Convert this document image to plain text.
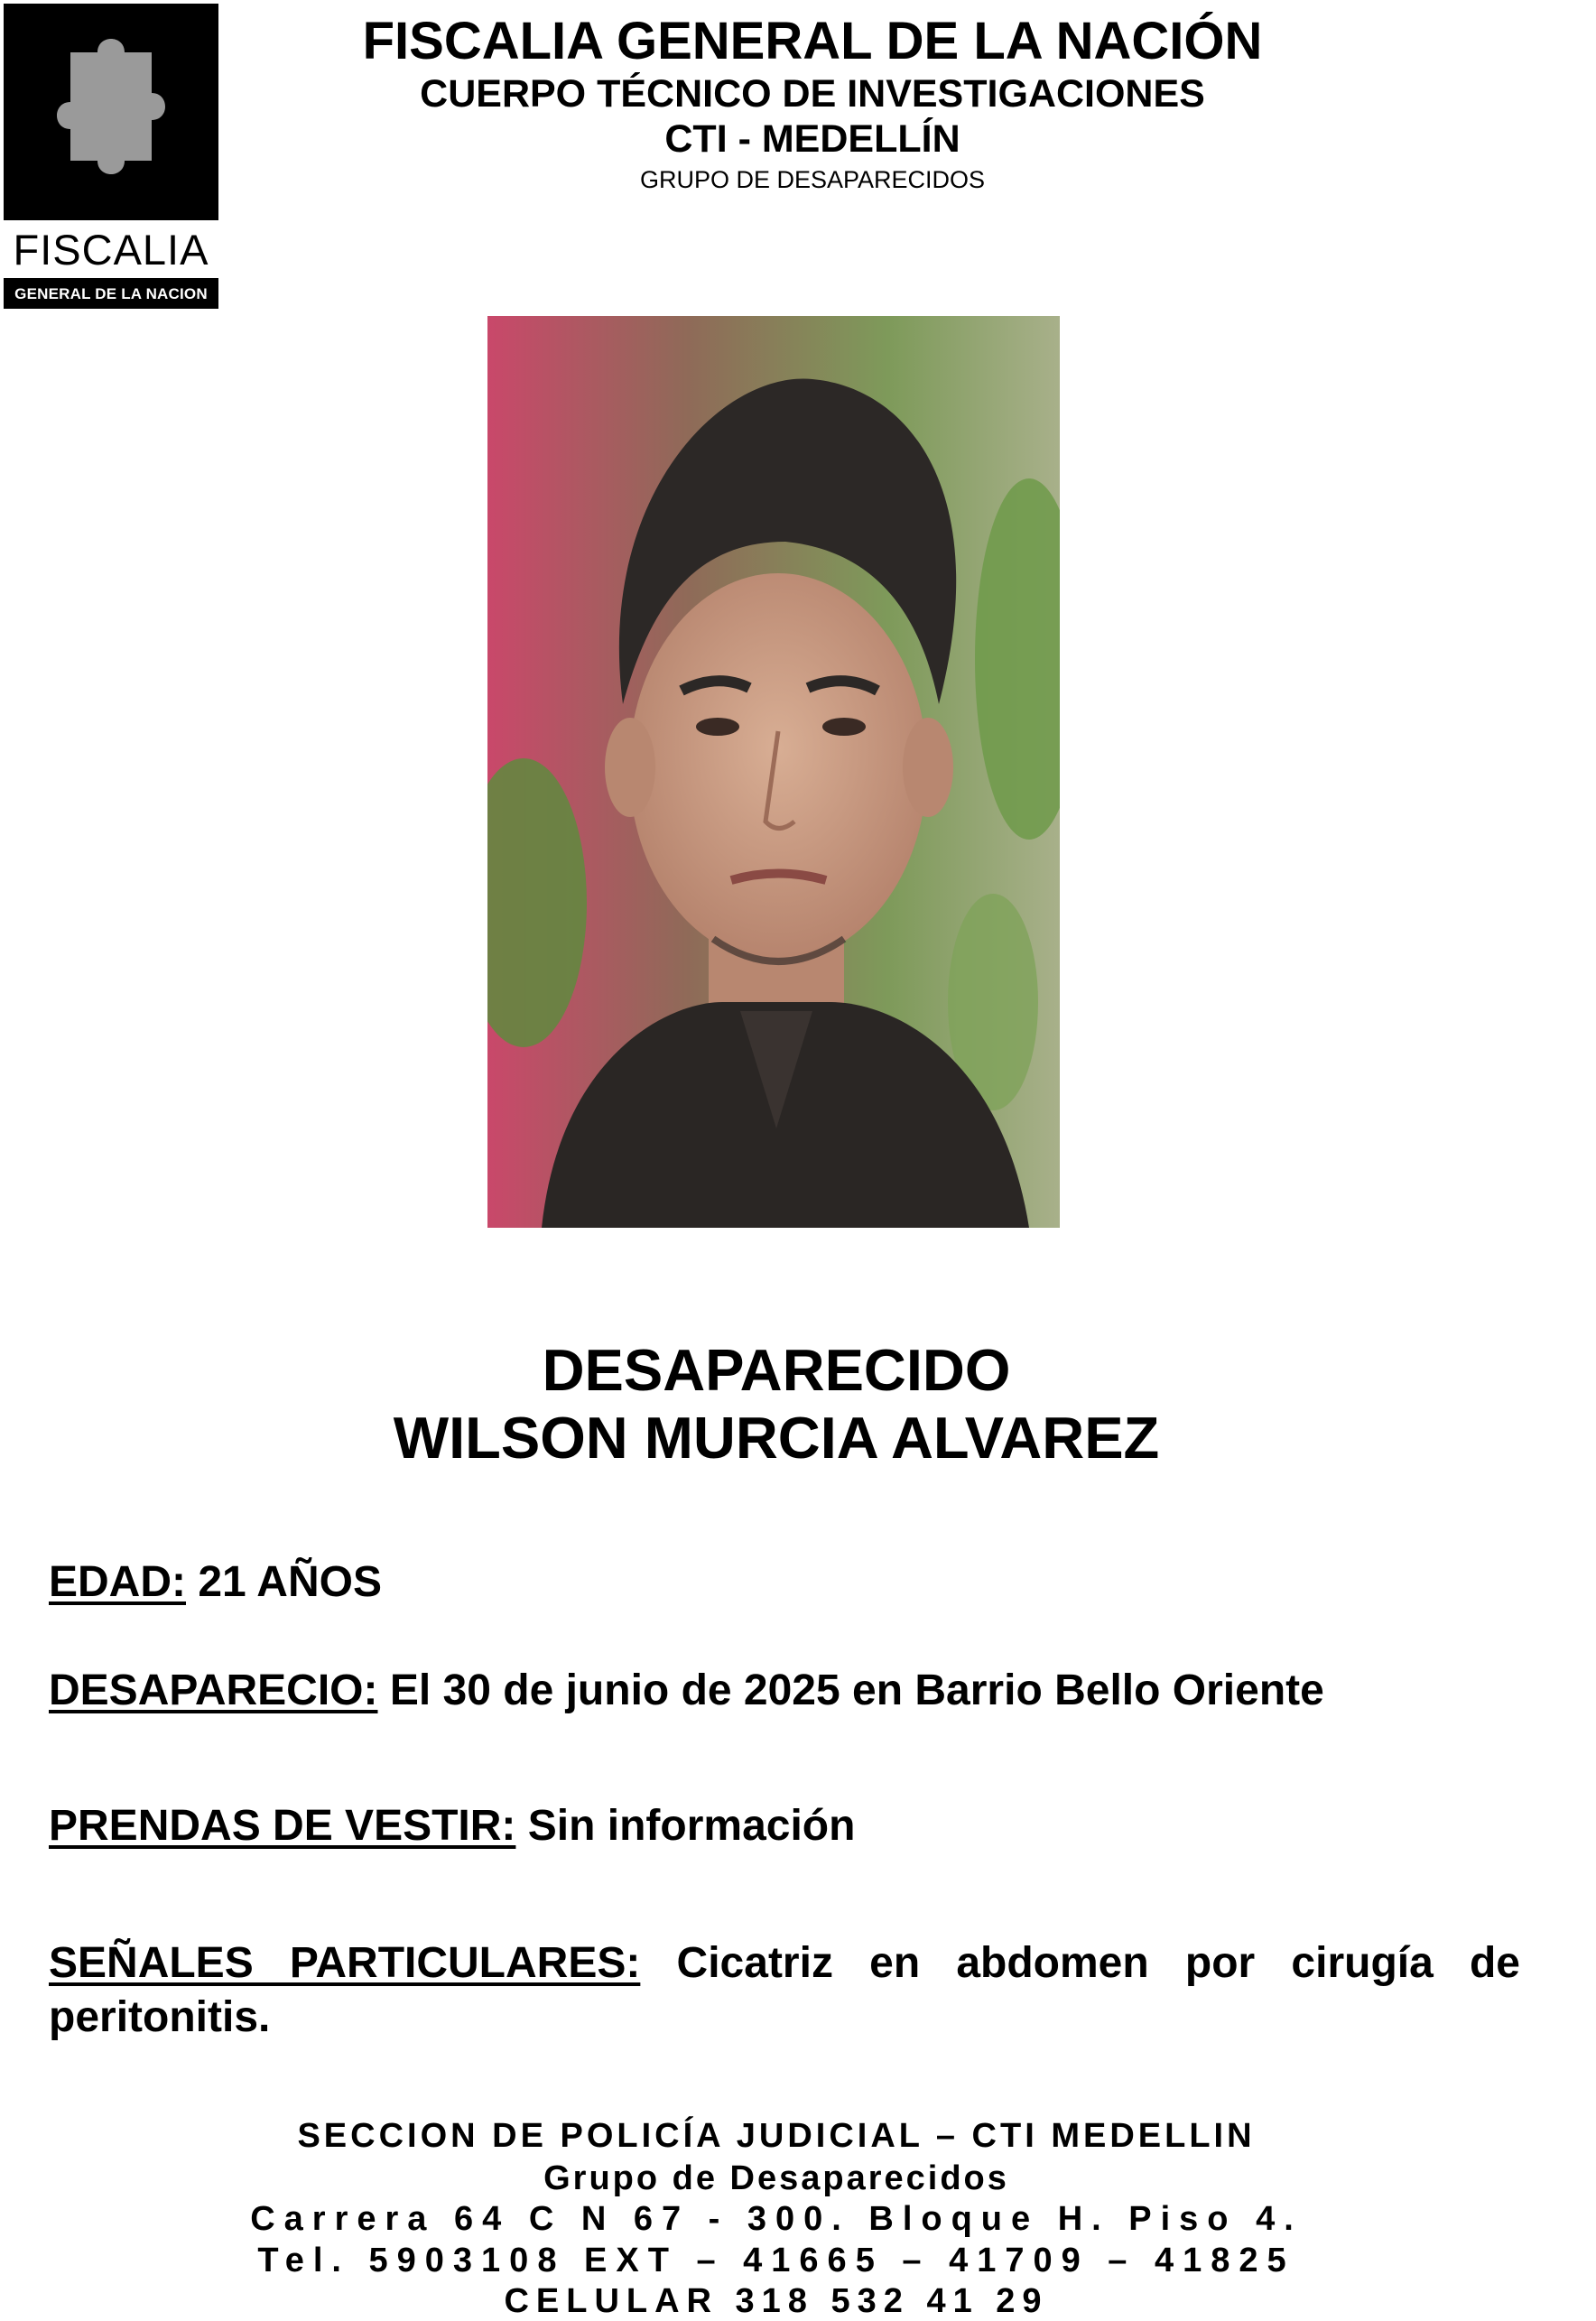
FISCALIA
GENERAL DE LA NACION
FISCALIA GENERAL DE LA NACIÓN
CUERPO TÉCNICO DE INVESTIGACIONES
CTI - MEDELLÍN
GRUPO DE DESAPARECIDOS
DESAPARECIDO
WILSON MURCIA ALVAREZ
EDAD: 21 AÑOS
DESAPARECIO: El 30 de junio de 2025 en Barrio Bello Oriente
PRENDAS DE VESTIR: Sin información
SEÑALES PARTICULARES: Cicatriz en abdomen por cirugía de
peritonitis.
SECCION DE POLICÍA JUDICIAL – CTI MEDELLIN
Grupo de Desaparecidos
Carrera 64 C N 67 - 300. Bloque H. Piso 4.
Tel. 5903108 EXT – 41665 – 41709 – 41825
CELULAR 318 532 41 29
